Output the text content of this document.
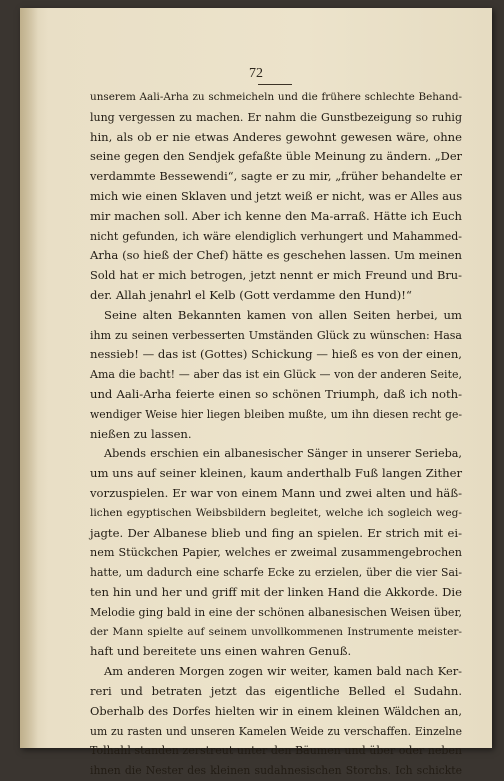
72
unserem Aali-Arha zu schmeicheln und die frühere schlechte Behand-
lung vergessen zu machen. Er nahm die Gunstbezeigung so ruhig
hin, als ob er nie etwas Anderes gewohnt gewesen wäre, ohne
seine gegen den Sendjek gefaßte üble Meinung zu ändern. „Der
verdammte Bessewendi“, sagte er zu mir, „früher behandelte er
mich wie einen Sklaven und jetzt weiß er nicht, was er Alles aus
mir machen soll. Aber ich kenne den Ma-arraß. Hätte ich Euch
nicht gefunden, ich wäre elendiglich verhungert und Mahammed-
Arha (so hieß der Chef) hätte es geschehen lassen. Um meinen
Sold hat er mich betrogen, jetzt nennt er mich Freund und Bru-
der. Allah jenahrl el Kelb (Gott verdamme den Hund)!“
Seine alten Bekannten kamen von allen Seiten herbei, um
ihm zu seinen verbesserten Umständen Glück zu wünschen: Hasa
nessieb! — das ist (Gottes) Schickung — hieß es von der einen,
Ama die bacht! — aber das ist ein Glück — von der anderen Seite,
und Aali-Arha feierte einen so schönen Triumph, daß ich noth-
wendiger Weise hier liegen bleiben mußte, um ihn diesen recht ge-
nießen zu lassen.
Abends erschien ein albanesischer Sänger in unserer Serieba,
um uns auf seiner kleinen, kaum anderthalb Fuß langen Zither
vorzuspielen. Er war von einem Mann und zwei alten und häß-
lichen egyptischen Weibsbildern begleitet, welche ich sogleich weg-
jagte. Der Albanese blieb und fing an spielen. Er strich mit ei-
nem Stückchen Papier, welches er zweimal zusammengebrochen
hatte, um dadurch eine scharfe Ecke zu erzielen, über die vier Sai-
ten hin und her und griff mit der linken Hand die Akkorde. Die
Melodie ging bald in eine der schönen albanesischen Weisen über,
der Mann spielte auf seinem unvollkommenen Instrumente meister-
haft und bereitete uns einen wahren Genuß.
Am anderen Morgen zogen wir weiter, kamen bald nach Ker-
reri und betraten jetzt das eigentliche Belled el Sudahn.
Oberhalb des Dorfes hielten wir in einem kleinen Wäldchen an,
um zu rasten und unseren Kamelen Weide zu verschaffen. Einzelne
Tolhahl standen zerstreut unter den Bäumen und über oder neben
ihnen die Nester des kleinen sudahnesischen Storchs. Ich schickte
